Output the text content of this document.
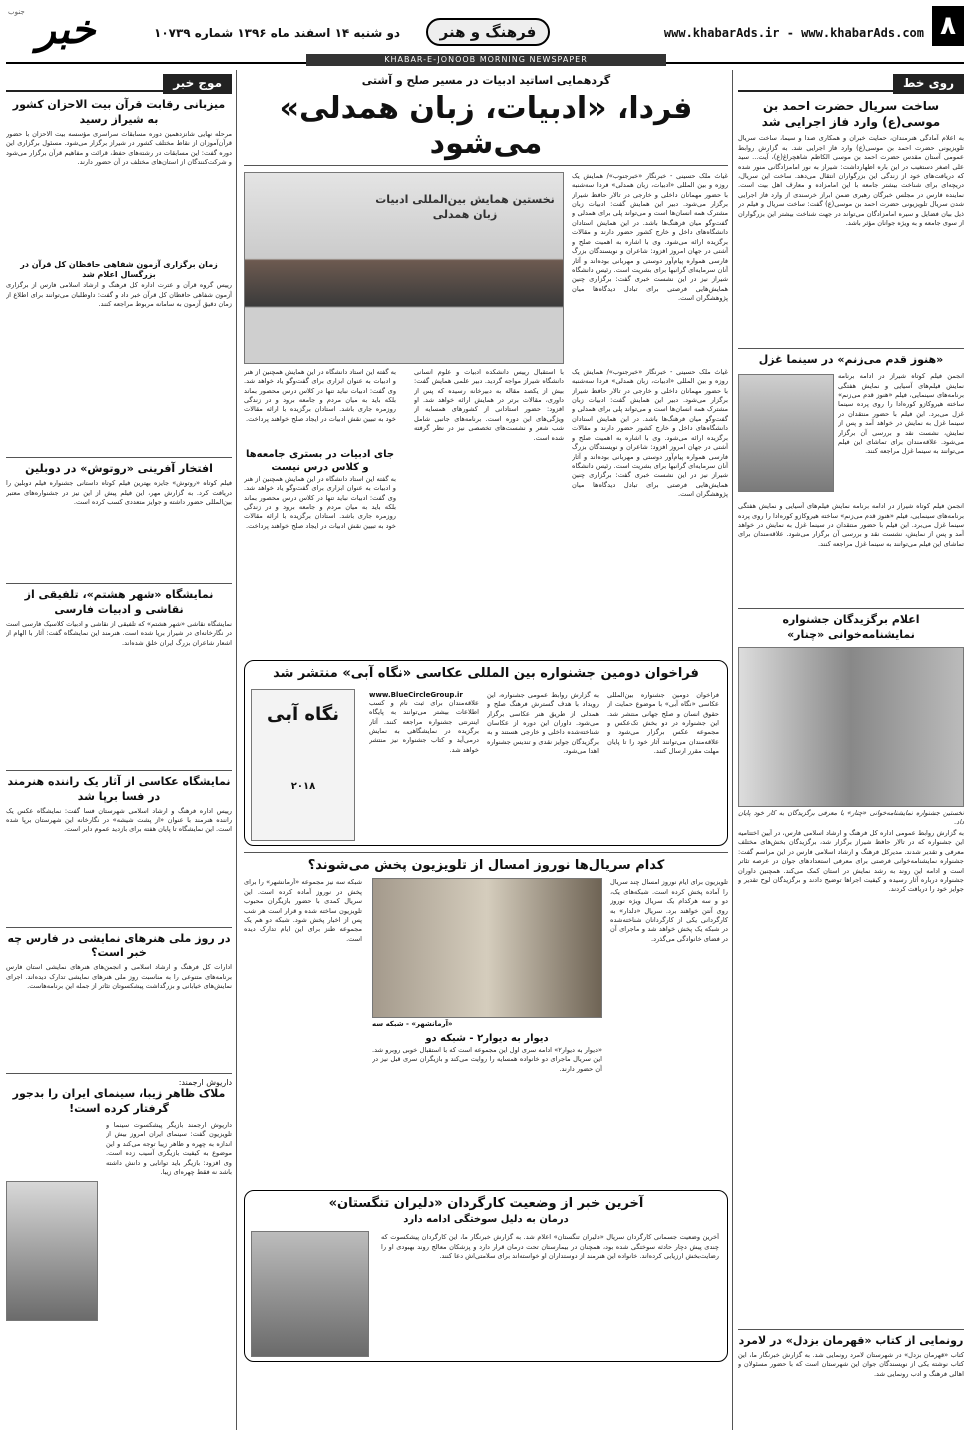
۸
www.khabarAds.ir - www.khabarAds.com
فرهنگ و هنر
دو شنبه ۱۴ اسفند ماه ۱۳۹۶ شماره ۱۰۷۳۹
خبر
جنوب
KHABAR-E-JONOOB MORNING NEWSPAPER
روی خط
ساخت سریال حضرت احمد بن موسی(ع) وارد فاز اجرایی شد
به اعلام آمادگی هنرمندان، حمایت خبران و همکاری صدا و سیما، ساخت سریال تلویزیونی حضرت احمد بن موسی(ع) وارد فاز اجرایی شد. به گزارش روابط عمومی آستان مقدس حضرت احمد بن موسی الکاظم شاهچراغ(ع)، آیت... سید علی اصغر دستغیب در این باره اظهارداشت: شیراز به نور امامزادگانی منور شده که دریافت‌های خود از زندگی این بزرگواران انتقال می‌دهد. ساخت این سریال، دریچه‌ای برای شناخت بیشتر جامعه با این امامزاده و معارف اهل بیت است. نماینده فارس در مجلس خبرگان رهبری ضمن ابراز خرسندی از وارد فاز اجرایی شدن سریال تلویزیونی حضرت احمد بن موسی(ع) گفت: ساخت سریال و فیلم در ذیل بیان فضایل و سیره امامزادگان می‌تواند در جهت شناخت بیشتر این بزرگواران از سوی جامعه و به ویژه جوانان مؤثر باشد.
«هنوز قدم می‌زنم» در سینما غزل
انجمن فیلم کوتاه شیراز در ادامه برنامه نمایش فیلم‌های آسیایی و نمایش هفتگی برنامه‌های سینمایی، فیلم «هنوز قدم می‌زنم» ساخته هیروکازو کوره‌ادا را روی پرده سینما غزل می‌برد. این فیلم با حضور منتقدان در سینما غزل به نمایش در خواهد آمد و پس از نمایش، نشست نقد و بررسی آن برگزار می‌شود. علاقه‌مندان برای تماشای این فیلم می‌توانند به سینما غزل مراجعه کنند.
انجمن فیلم کوتاه شیراز در ادامه برنامه نمایش فیلم‌های آسیایی و نمایش هفتگی برنامه‌های سینمایی، فیلم «هنوز قدم می‌زنم» ساخته هیروکازو کوره‌ادا را روی پرده سینما غزل می‌برد. این فیلم با حضور منتقدان در سینما غزل به نمایش در خواهد آمد و پس از نمایش، نشست نقد و بررسی آن برگزار می‌شود. علاقه‌مندان برای تماشای این فیلم می‌توانند به سینما غزل مراجعه کنند.
اعلام برگزیدگان جشنواره نمایشنامه‌خوانی «چنار»
نخستین جشنواره نمایشنامه‌خوانی «چنار» با معرفی برگزیدگان به کار خود پایان داد.
به گزارش روابط عمومی اداره کل فرهنگ و ارشاد اسلامی فارس، در آیین اختتامیه این جشنواره که در تالار حافظ شیراز برگزار شد، برگزیدگان بخش‌های مختلف معرفی و تقدیر شدند. مدیرکل فرهنگ و ارشاد اسلامی فارس در این مراسم گفت: جشنواره نمایشنامه‌خوانی فرصتی برای معرفی استعدادهای جوان در عرصه تئاتر است و ادامه این روند به رشد نمایش در استان کمک می‌کند. همچنین داوران جشنواره درباره آثار رسیده و کیفیت اجراها توضیح دادند و برگزیدگان لوح تقدیر و جوایز خود را دریافت کردند.
رونمایی از کتاب «قهرمان بزدل» در لامرد
کتاب «قهرمان بزدل» در شهرستان لامرد رونمایی شد. به گزارش خبرنگار ما، این کتاب نوشته یکی از نویسندگان جوان این شهرستان است که با حضور مسئولان و اهالی فرهنگ و ادب رونمایی شد.
گردهمایی اساتید ادبیات در مسیر صلح و آشتی
فردا، «ادبیات، زبان همدلی» می‌شود
نخستین همایش بین‌المللی ادبیات زبان همدلی
غیاث ملک حسینی - خبرنگار «خبرجنوب»/ همایش یک روزه و بین المللی «ادبیات، زبان همدلی» فردا سه‌شنبه با حضور مهمانان داخلی و خارجی در تالار حافظ شیراز برگزار می‌شود. دبیر این همایش گفت: ادبیات زبان مشترک همه انسان‌ها است و می‌تواند پلی برای همدلی و گفت‌وگو میان فرهنگ‌ها باشد. در این همایش استادان دانشگاه‌های داخل و خارج کشور حضور دارند و مقالات برگزیده ارائه می‌شود. وی با اشاره به اهمیت صلح و آشتی در جهان امروز افزود: شاعران و نویسندگان بزرگ فارسی همواره پیام‌آور دوستی و مهربانی بوده‌اند و آثار آنان سرمایه‌ای گرانبها برای بشریت است. رئیس دانشگاه شیراز نیز در این نشست خبری گفت: برگزاری چنین همایش‌هایی فرصتی برای تبادل دیدگاه‌ها میان پژوهشگران است.
غیاث ملک حسینی - خبرنگار «خبرجنوب»/ همایش یک روزه و بین المللی «ادبیات، زبان همدلی» فردا سه‌شنبه با حضور مهمانان داخلی و خارجی در تالار حافظ شیراز برگزار می‌شود. دبیر این همایش گفت: ادبیات زبان مشترک همه انسان‌ها است و می‌تواند پلی برای همدلی و گفت‌وگو میان فرهنگ‌ها باشد. در این همایش استادان دانشگاه‌های داخل و خارج کشور حضور دارند و مقالات برگزیده ارائه می‌شود. وی با اشاره به اهمیت صلح و آشتی در جهان امروز افزود: شاعران و نویسندگان بزرگ فارسی همواره پیام‌آور دوستی و مهربانی بوده‌اند و آثار آنان سرمایه‌ای گرانبها برای بشریت است. رئیس دانشگاه شیراز نیز در این نشست خبری گفت: برگزاری چنین همایش‌هایی فرصتی برای تبادل دیدگاه‌ها میان پژوهشگران است.
با استقبال رییس دانشکده ادبیات و علوم انسانی دانشگاه شیراز مواجه گردید. دبیر علمی همایش گفت: بیش از یکصد مقاله به دبیرخانه رسیده که پس از داوری، مقالات برتر در همایش ارائه خواهد شد. او افزود: حضور استادانی از کشورهای همسایه از ویژگی‌های این دوره است. برنامه‌های جانبی شامل شب شعر و نشست‌های تخصصی نیز در نظر گرفته شده است.
به گفته این استاد دانشگاه در این همایش همچنین از هنر و ادبیات به عنوان ابزاری برای گفت‌وگو یاد خواهد شد. وی گفت: ادبیات نباید تنها در کلاس درس محصور بماند بلکه باید به میان مردم و جامعه برود و در زندگی روزمره جاری باشد. استادان برگزیده با ارائه مقالات خود به تبیین نقش ادبیات در ایجاد صلح خواهند پرداخت.
جای ادبیات در بستری جامعه‌ها و کلاس درس نیست
به گفته این استاد دانشگاه در این همایش همچنین از هنر و ادبیات به عنوان ابزاری برای گفت‌وگو یاد خواهد شد. وی گفت: ادبیات نباید تنها در کلاس درس محصور بماند بلکه باید به میان مردم و جامعه برود و در زندگی روزمره جاری باشد. استادان برگزیده با ارائه مقالات خود به تبیین نقش ادبیات در ایجاد صلح خواهند پرداخت.
فراخوان دومین جشنواره بین المللی عکاسی «نگاه آبی» منتشر شد
فراخوان دومین جشنواره بین‌المللی عکاسی «نگاه آبی» با موضوع حمایت از حقوق انسان و صلح جهانی منتشر شد. این جشنواره در دو بخش تک‌عکس و مجموعه عکس برگزار می‌شود و علاقه‌مندان می‌توانند آثار خود را تا پایان مهلت مقرر ارسال کنند.
به گزارش روابط عمومی جشنواره، این رویداد با هدف گسترش فرهنگ صلح و همدلی از طریق هنر عکاسی برگزار می‌شود. داوران این دوره از عکاسان شناخته‌شده داخلی و خارجی هستند و به برگزیدگان جوایز نقدی و تندیس جشنواره اهدا می‌شود.
www.BlueCircleGroup.ir
علاقه‌مندان برای ثبت نام و کسب اطلاعات بیشتر می‌توانند به پایگاه اینترنتی جشنواره مراجعه کنند. آثار برگزیده در نمایشگاهی به نمایش درمی‌آید و کتاب جشنواره نیز منتشر خواهد شد.
نگاه آبی
۲۰۱۸
کدام سریال‌ها نوروز امسال از تلویزیون پخش می‌شوند؟
تلویزیون برای ایام نوروز امسال چند سریال را آماده پخش کرده است. شبکه‌های یک، دو و سه هرکدام یک سریال ویژه نوروز روی آنتن خواهند برد. سریال «دلدار» به کارگردانی یکی از کارگردانان شناخته‌شده در شبکه یک پخش خواهد شد و ماجرای آن در فضای خانوادگی می‌گذرد.
«آرمانشهر» - شبکه سه
دیوار به دیوار۲ - شبکه دو
«دیوار به دیوار۲» ادامه سری اول این مجموعه است که با استقبال خوبی روبرو شد. این سریال ماجرای دو خانواده همسایه را روایت می‌کند و بازیگران سری قبل نیز در آن حضور دارند.
شبکه سه نیز مجموعه «آرمانشهر» را برای پخش در نوروز آماده کرده است. این سریال کمدی با حضور بازیگران محبوب تلویزیون ساخته شده و قرار است هر شب پس از اخبار پخش شود. شبکه دو هم یک مجموعه طنز برای این ایام تدارک دیده است.
آخرین خبر از وضعیت کارگردان «دلیران تنگستان»
درمان به دلیل سوختگی ادامه دارد
آخرین وضعیت جسمانی کارگردان سریال «دلیران تنگستان» اعلام شد. به گزارش خبرنگار ما، این کارگردان پیشکسوت که چندی پیش دچار حادثه سوختگی شده بود، همچنان در بیمارستان تحت درمان قرار دارد و پزشکان معالج روند بهبودی او را رضایت‌بخش ارزیابی کرده‌اند. خانواده این هنرمند از دوستداران او خواسته‌اند برای سلامتی‌اش دعا کنند.
موج خبر
میزبانی رقابت قرآن بیت الاحزان کشور به شیراز رسید
مرحله نهایی شانزدهمین دوره مسابقات سراسری مؤسسه بیت الاحزان با حضور قرآن‌آموزان از نقاط مختلف کشور در شیراز برگزار می‌شود. مسئول برگزاری این دوره گفت: این مسابقات در رشته‌های حفظ، قرائت و مفاهیم قرآن برگزار می‌شود و شرکت‌کنندگان از استان‌های مختلف در آن حضور دارند.
زمان برگزاری آزمون شفاهی حافظان کل قرآن در بزرگسال اعلام شد
رییس گروه قرآن و عترت اداره کل فرهنگ و ارشاد اسلامی فارس از برگزاری آزمون شفاهی حافظان کل قرآن خبر داد و گفت: داوطلبان می‌توانند برای اطلاع از زمان دقیق آزمون به سامانه مربوط مراجعه کنند.
افتخار آفرینی «روتوش» در دوبلین
فیلم کوتاه «روتوش» جایزه بهترین فیلم کوتاه داستانی جشنواره فیلم دوبلین را دریافت کرد. به گزارش مهر، این فیلم پیش از این نیز در جشنواره‌های معتبر بین‌المللی حضور داشته و جوایز متعددی کسب کرده است.
نمایشگاه «شهر هشتم»، تلفیقی از نقاشی و ادبیات فارسی
نمایشگاه نقاشی «شهر هشتم» که تلفیقی از نقاشی و ادبیات کلاسیک فارسی است در نگارخانه‌ای در شیراز برپا شده است. هنرمند این نمایشگاه گفت: آثار با الهام از اشعار شاعران بزرگ ایران خلق شده‌اند.
نمایشگاه عکاسی از آثار یک راننده هنرمند در فسا برپا شد
رییس اداره فرهنگ و ارشاد اسلامی شهرستان فسا گفت: نمایشگاه عکس یک راننده هنرمند با عنوان «از پشت شیشه» در نگارخانه این شهرستان برپا شده است. این نمایشگاه تا پایان هفته برای بازدید عموم دایر است.
در روز ملی هنرهای نمایشی در فارس چه خبر است؟
ادارات کل فرهنگ و ارشاد اسلامی و انجمن‌های هنرهای نمایشی استان فارس برنامه‌های متنوعی را به مناسبت روز ملی هنرهای نمایشی تدارک دیده‌اند. اجرای نمایش‌های خیابانی و بزرگداشت پیشکسوتان تئاتر از جمله این برنامه‌هاست.
داریوش ارجمند:
ملاک ظاهر زیبا، سینمای ایران را بدجور گرفتار کرده است!
داریوش ارجمند بازیگر پیشکسوت سینما و تلویزیون گفت: سینمای ایران امروز بیش از اندازه به چهره و ظاهر زیبا توجه می‌کند و این موضوع به کیفیت بازیگری آسیب زده است. وی افزود: بازیگر باید توانایی و دانش داشته باشد نه فقط چهره‌ای زیبا.
